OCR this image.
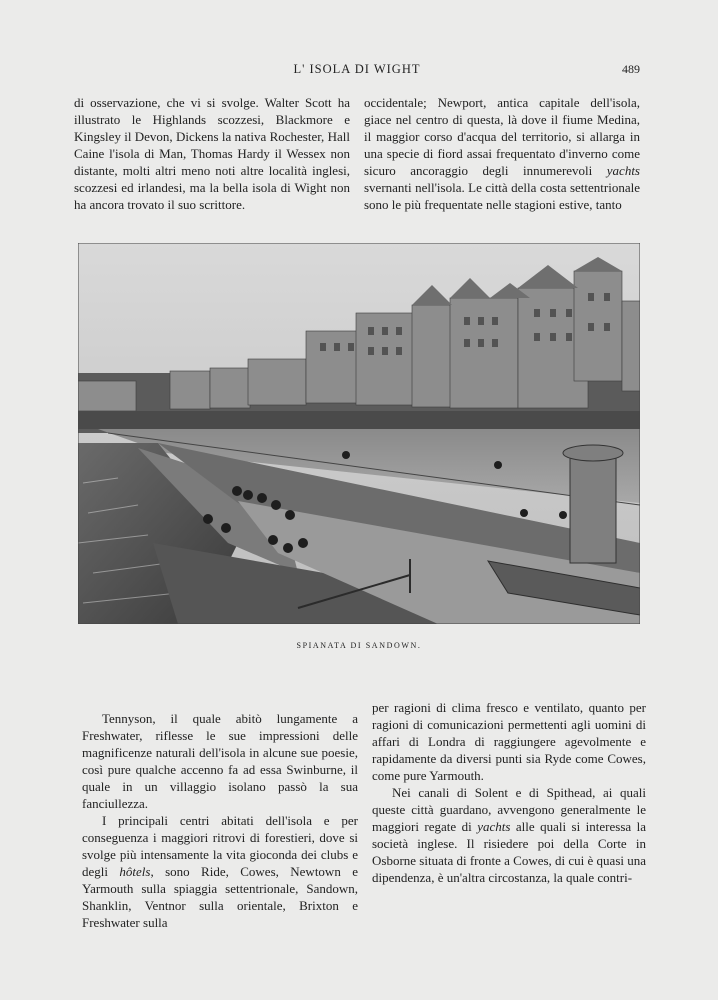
L' ISOLA DI WIGHT	489

di osservazione, che vi si svolge. Walter Scott ha illustrato le Highlands scozzesi, Blackmore e Kingsley il Devon, Dickens la nativa Rochester, Hall Caine l'isola di Man, Thomas Hardy il Wessex non distante, molti altri meno noti altre località inglesi, scozzesi ed irlandesi, ma la bella isola di Wight non ha ancora trovato il suo scrittore.

occidentale; Newport, antica capitale dell'isola, giace nel centro di questa, là dove il fiume Medina, il maggior corso d'acqua del territorio, si allarga in una specie di fiord assai frequentato d'inverno come sicuro ancoraggio degli innumerevoli yachts svernanti nell'isola. Le città della costa settentrionale sono le più frequentate nelle stagioni estive, tanto

SPIANATA DI SANDOWN.

Tennyson, il quale abitò lungamente a Freshwater, riflesse le sue impressioni delle magnificenze naturali dell'isola in alcune sue poesie, così pure qualche accenno fa ad essa Swinburne, il quale in un villaggio isolano passò la sua fanciullezza.

I principali centri abitati dell'isola e per conseguenza i maggiori ritrovi di forestieri, dove si svolge più intensamente la vita gioconda dei clubs e degli hôtels, sono Ride, Cowes, Newtown e Yarmouth sulla spiaggia settentrionale, Sandown, Shanklin, Ventnor sulla orientale, Brixton e Freshwater sulla

per ragioni di clima fresco e ventilato, quanto per ragioni di comunicazioni permettenti agli uomini di affari di Londra di raggiungere agevolmente e rapidamente da diversi punti sia Ryde come Cowes, come pure Yarmouth.

Nei canali di Solent e di Spithead, ai quali queste città guardano, avvengono generalmente le maggiori regate di yachts alle quali si interessa la società inglese. Il risiedere poi della Corte in Osborne situata di fronte a Cowes, di cui è quasi una dipendenza, è un'altra circostanza, la quale contri-
